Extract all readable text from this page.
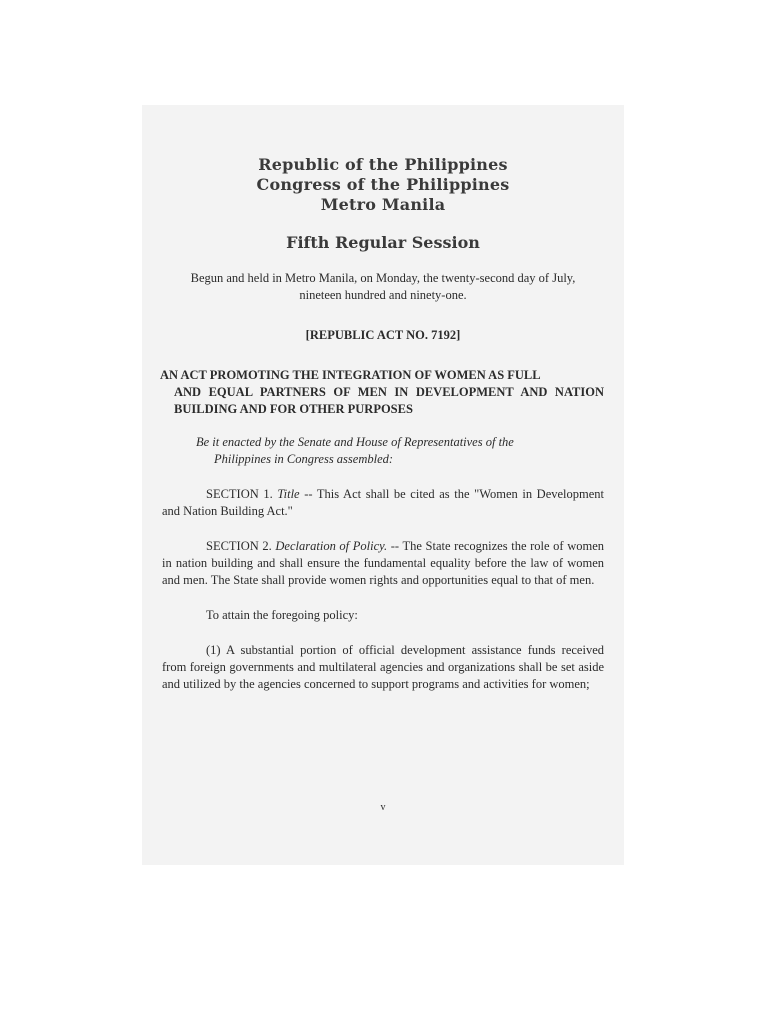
Republic of the Philippines
Congress of the Philippines
Metro Manila
Fifth Regular Session
Begun and held in Metro Manila, on Monday, the twenty-second day of July, nineteen hundred and ninety-one.
[REPUBLIC ACT NO. 7192]
AN ACT PROMOTING THE INTEGRATION OF WOMEN AS FULL
AND EQUAL PARTNERS OF MEN IN DEVELOPMENT AND NATION BUILDING AND FOR OTHER PURPOSES
Be it enacted by the Senate and House of Representatives of the
Philippines in Congress assembled:

SECTION 1. Title -- This Act shall be cited as the "Women in Development and Nation Building Act."

SECTION 2. Declaration of Policy. -- The State recognizes the role of women in nation building and shall ensure the fundamental equality before the law of women and men. The State shall provide women rights and opportunities equal to that of men.

To attain the foregoing policy:

(1) A substantial portion of official development assistance funds received from foreign governments and multilateral agencies and organizations shall be set aside and utilized by the agencies concerned to support programs and activities for women;

v
